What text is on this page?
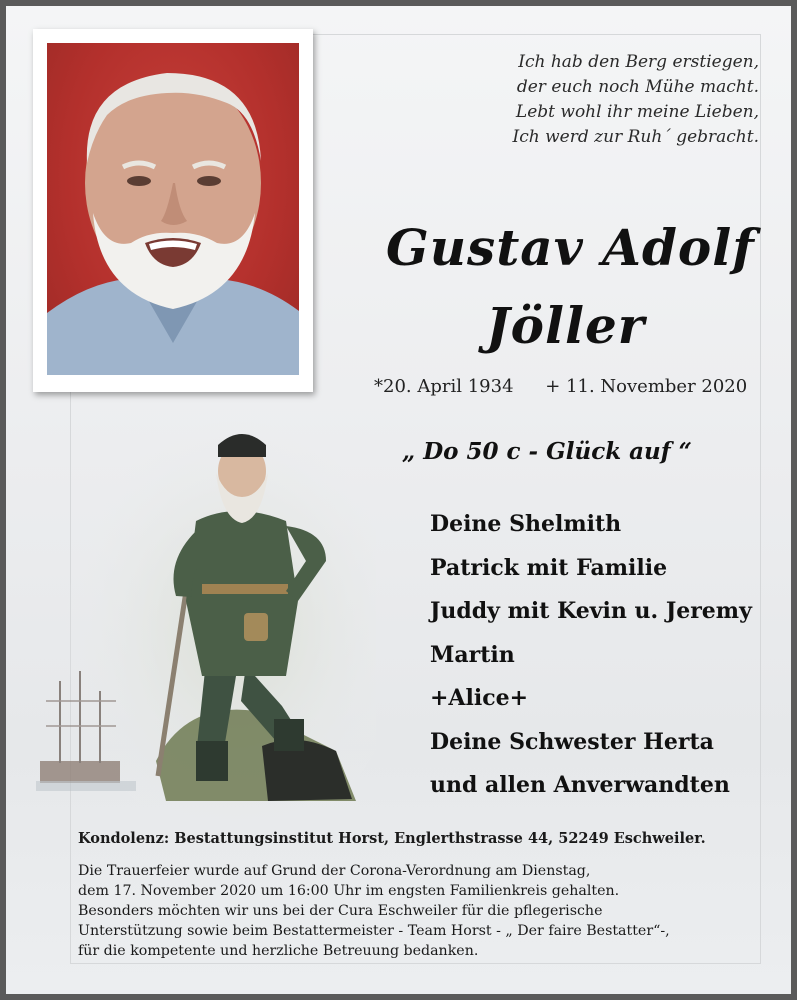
Ich hab den Berg erstiegen,
der euch noch Mühe macht.
Lebt wohl ihr meine Lieben,
Ich werd zur Ruh´ gebracht.
Gustav Adolf
Jöller
*20. April 1934 + 11. November 2020
„ Do 50 c - Glück auf “
Deine Shelmith
Patrick mit Familie
Juddy mit Kevin u. Jeremy
Martin
+Alice+
Deine Schwester Herta
und allen Anverwandten
Kondolenz: Bestattungsinstitut Horst, Englerthstrasse 44, 52249 Eschweiler.
Die Trauerfeier wurde auf Grund der Corona-Verordnung am Dienstag,
dem 17. November 2020 um 16:00 Uhr im engsten Familienkreis gehalten.
Besonders möchten wir uns bei der Cura Eschweiler für die pflegerische
Unterstützung sowie beim Bestattermeister - Team Horst - „ Der faire Bestatter“-,
für die kompetente und herzliche Betreuung bedanken.
